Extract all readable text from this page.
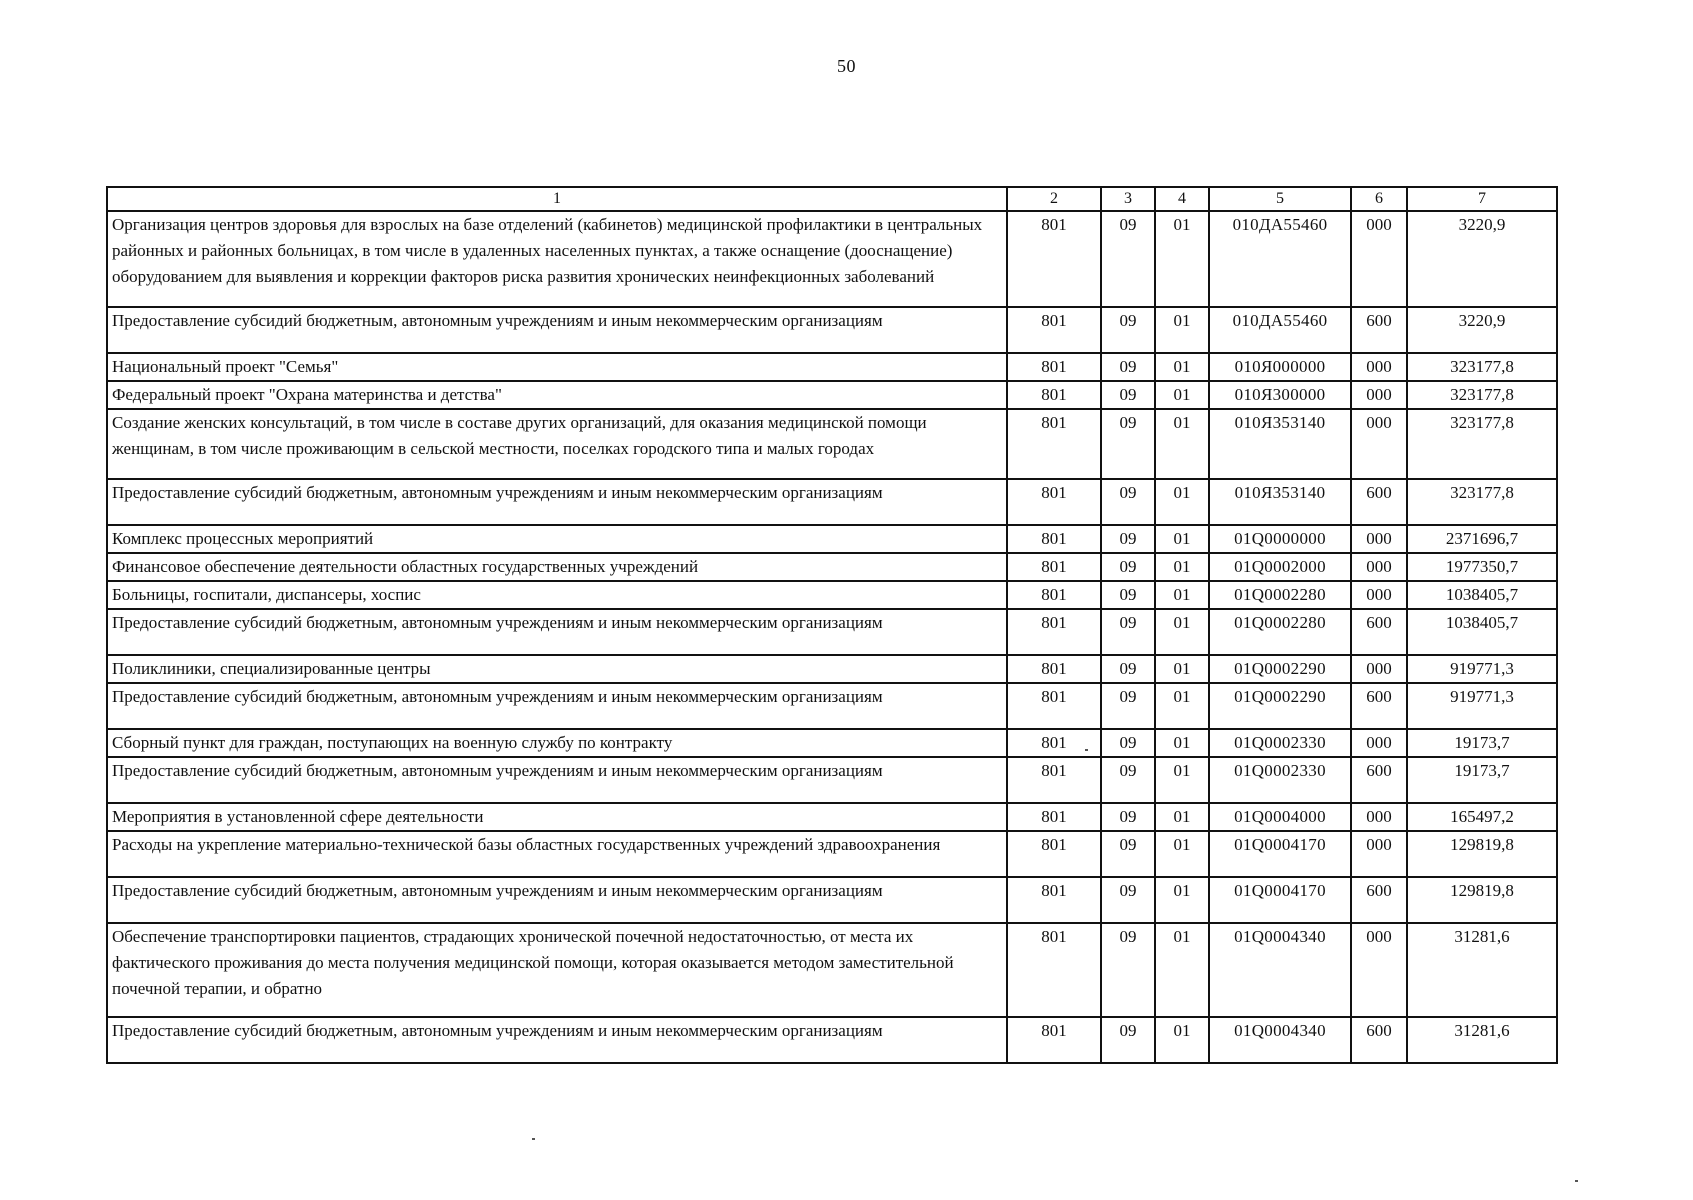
50
1	2	3	4	5	6	7
Организация центров здоровья для взрослых на базе отделений (кабинетов) медицинской профилактики в центральных районных и районных больницах, в том числе в удаленных населенных пунктах, а также оснащение (дооснащение) оборудованием для выявления и коррекции факторов риска развития хронических неинфекционных заболеваний	801	09	01	010ДА55460	000	3220,9
Предоставление субсидий бюджетным, автономным учреждениям и иным некоммерческим организациям	801	09	01	010ДА55460	600	3220,9
Национальный проект "Семья"	801	09	01	010Я000000	000	323177,8
Федеральный проект "Охрана материнства и детства"	801	09	01	010Я300000	000	323177,8
Создание женских консультаций, в том числе в составе других организаций, для оказания медицинской помощи женщинам, в том числе проживающим в сельской местности, поселках городского типа и малых городах	801	09	01	010Я353140	000	323177,8
Предоставление субсидий бюджетным, автономным учреждениям и иным некоммерческим организациям	801	09	01	010Я353140	600	323177,8
Комплекс процессных мероприятий	801	09	01	01Q0000000	000	2371696,7
Финансовое обеспечение деятельности областных государственных учреждений	801	09	01	01Q0002000	000	1977350,7
Больницы, госпитали, диспансеры, хоспис	801	09	01	01Q0002280	000	1038405,7
Предоставление субсидий бюджетным, автономным учреждениям и иным некоммерческим организациям	801	09	01	01Q0002280	600	1038405,7
Поликлиники, специализированные центры	801	09	01	01Q0002290	000	919771,3
Предоставление субсидий бюджетным, автономным учреждениям и иным некоммерческим организациям	801	09	01	01Q0002290	600	919771,3
Сборный пункт для граждан, поступающих на военную службу по контракту	801	09	01	01Q0002330	000	19173,7
Предоставление субсидий бюджетным, автономным учреждениям и иным некоммерческим организациям	801	09	01	01Q0002330	600	19173,7
Мероприятия в установленной сфере деятельности	801	09	01	01Q0004000	000	165497,2
Расходы на укрепление материально-технической базы областных государственных учреждений здравоохранения	801	09	01	01Q0004170	000	129819,8
Предоставление субсидий бюджетным, автономным учреждениям и иным некоммерческим организациям	801	09	01	01Q0004170	600	129819,8
Обеспечение транспортировки пациентов, страдающих хронической почечной недостаточностью, от места их фактического проживания до места получения медицинской помощи, которая оказывается методом заместительной почечной терапии, и обратно	801	09	01	01Q0004340	000	31281,6
Предоставление субсидий бюджетным, автономным учреждениям и иным некоммерческим организациям	801	09	01	01Q0004340	600	31281,6
